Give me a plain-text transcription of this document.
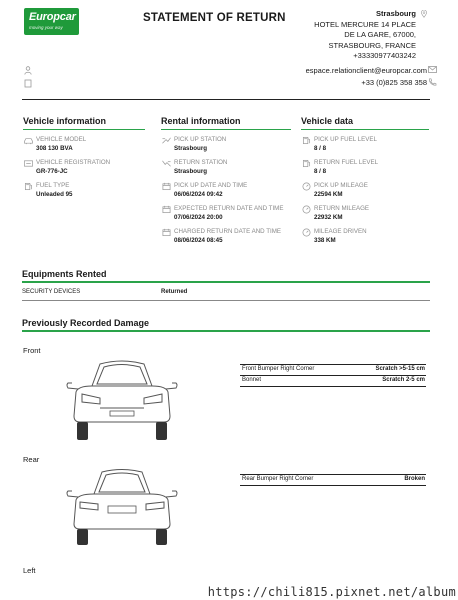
Europcar
moving your way
STATEMENT OF RETURN	Strasbourg
HOTEL MERCURE 14 PLACE
DE LA GARE, 67000,
STRASBOURG, FRANCE
+33330977403242
espace.relationclient@europcar.com
+33 (0)825 358 358
Vehicle information
VEHICLE MODEL
308 130 BVA
VEHICLE REGISTRATION
GR-776-JC
FUEL TYPE
Unleaded 95
Rental information
PICK UP STATION
Strasbourg
RETURN STATION
Strasbourg
PICK UP DATE AND TIME
06/06/2024 09:42
EXPECTED RETURN DATE AND TIME
07/06/2024 20:00
CHARGED RETURN DATE AND TIME
08/06/2024 08:45
Vehicle data
PICK UP FUEL LEVEL
8 / 8
RETURN FUEL LEVEL
8 / 8
PICK UP MILEAGE
22594 KM
RETURN MILEAGE
22932 KM
MILEAGE DRIVEN
338 KM
Equipments Rented
SECURITY DEVICES	Returned
Previously Recorded Damage
Front
Front Bumper Right Corner	Scratch >5-15 cm
Bonnet	Scratch 2-5 cm
Rear
Rear Bumper Right Corner	Broken
Left
https://chili815.pixnet.net/album
